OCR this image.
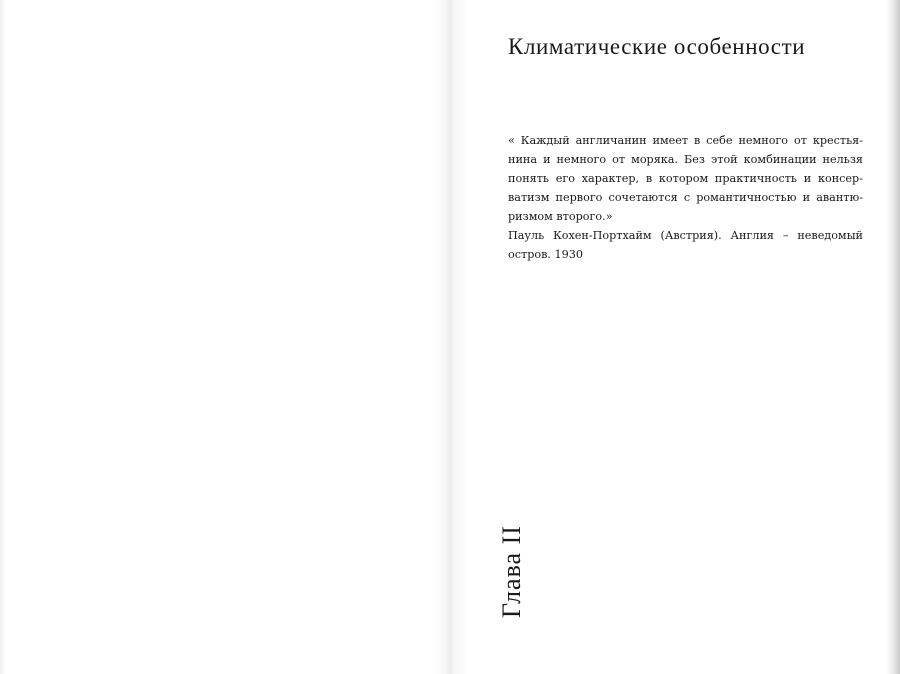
Климатические особенности
« Каждый англичанин имеет в себе немного от крестья-
нина и немного от моряка. Без этой комбинации нельзя
понять его характер, в котором практичность и консер-
ватизм первого сочетаются с романтичностью и авантю-
ризмом второго.»
Пауль Кохен-Портхайм (Австрия). Англия – неведомый
остров. 1930
Глава II
